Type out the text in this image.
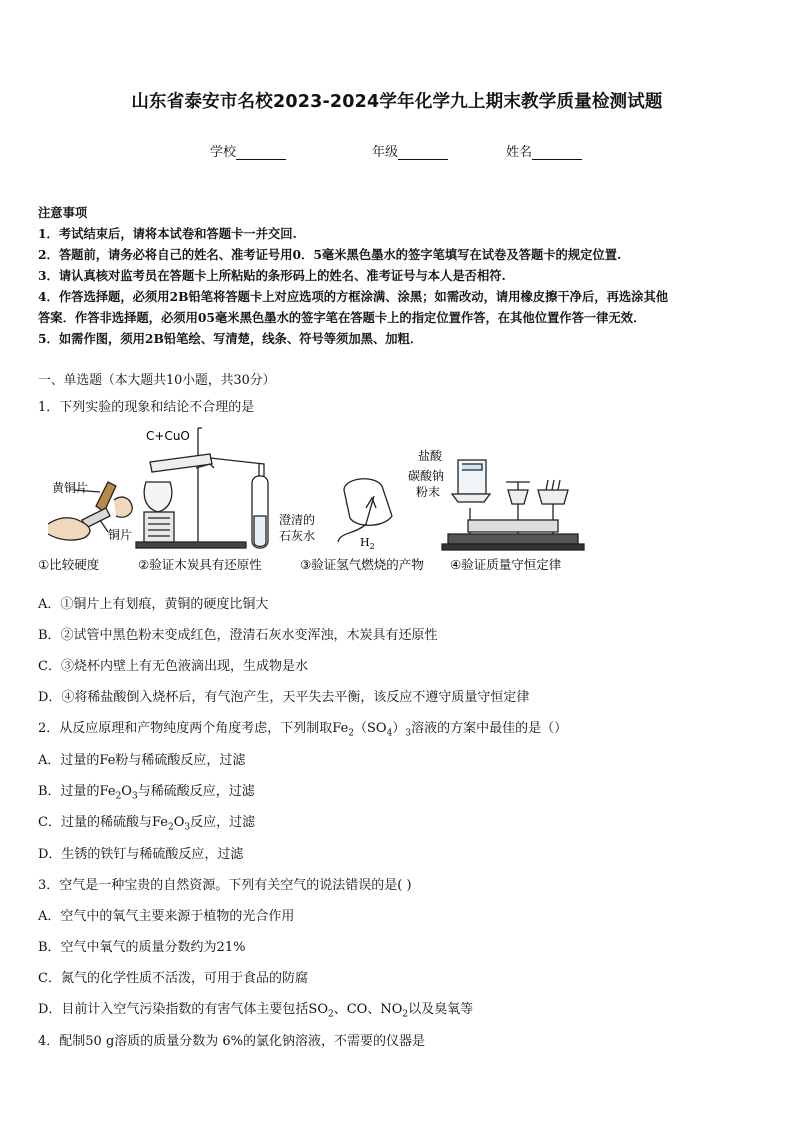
山东省泰安市名校2023-2024学年化学九上期末教学质量检测试题
学校	年级	姓名
注意事项
1．考试结束后，请将本试卷和答题卡一并交回.
2．答题前，请务必将自己的姓名、准考证号用0．5毫米黑色墨水的签字笔填写在试卷及答题卡的规定位置.
3．请认真核对监考员在答题卡上所粘贴的条形码上的姓名、准考证号与本人是否相符.
4．作答选择题，必须用2B铅笔将答题卡上对应选项的方框涂满、涂黑；如需改动，请用橡皮擦干净后，再选涂其他
答案．作答非选择题，必须用05毫米黑色墨水的签字笔在答题卡上的指定位置作答，在其他位置作答一律无效．
5．如需作图，须用2B铅笔绘、写清楚，线条、符号等须加黑、加粗．
一、单选题（本大题共10小题，共30分）
1．下列实验的现象和结论不合理的是
C+CuO
黄铜片
铜片
澄清的
石灰水	$H_2$
盐酸
碳酸钠
粉末
①比较硬度	②验证木炭具有还原性	③验证氢气燃烧的产物 ④验证质量守恒定律
A．①铜片上有划痕，黄铜的硬度比铜大
B．②试管中黑色粉末变成红色，澄清石灰水变浑浊，木炭具有还原性
C．③烧杯内壁上有无色液滴出现，生成物是水
D．④将稀盐酸倒入烧杯后，有气泡产生，天平失去平衡，该反应不遵守质量守恒定律
2．从反应原理和产物纯度两个角度考虑，下列制取$Fe_2(SO_4)_3$溶液的方案中最佳的是（）
A．过量的Fe粉与稀硫酸反应，过滤
B．过量的$Fe_2O_3$与稀硫酸反应，过滤
C．过量的稀硫酸与$Fe_2O_3$反应，过滤
D．生锈的铁钉与稀硫酸反应，过滤
3．空气是一种宝贵的自然资源。下列有关空气的说法错误的是( )
A．空气中的氧气主要来源于植物的光合作用
B．空气中氧气的质量分数约为21%
C．氮气的化学性质不活泼，可用于食品的防腐
D．目前计入空气污染指数的有害气体主要包括$SO_2$、CO、$NO_2$以及臭氧等
4．配制50 g溶质的质量分数为 6%的氯化钠溶液，不需要的仪器是
